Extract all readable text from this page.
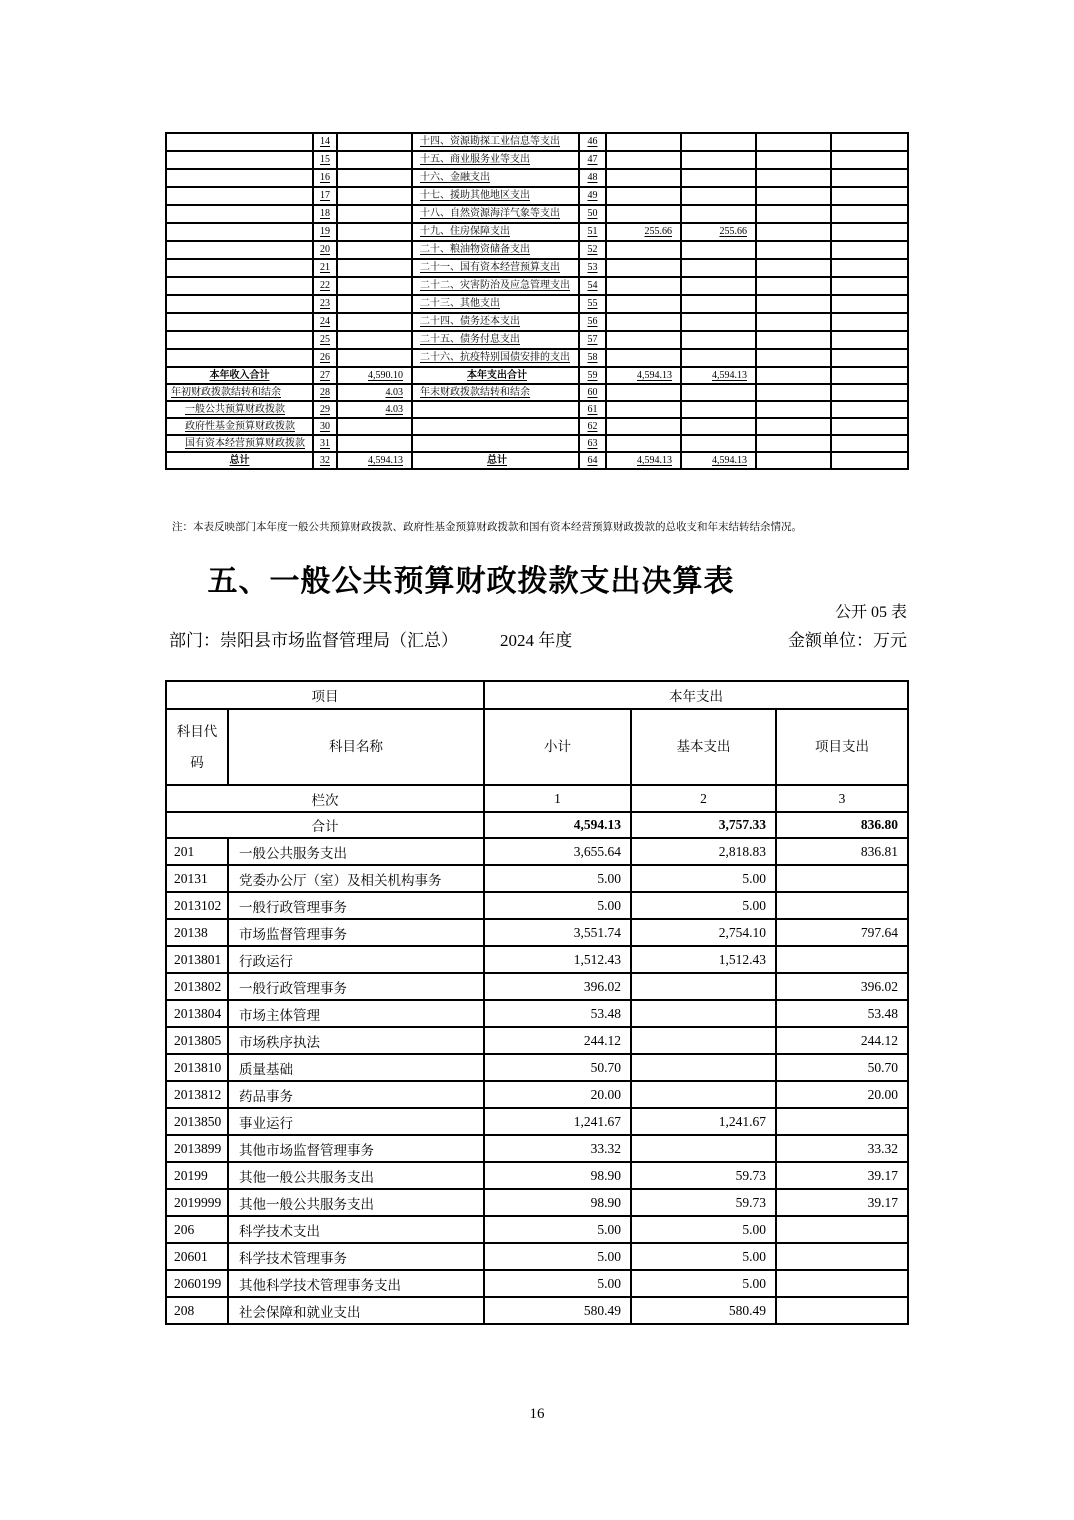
	14		十四、资源勘探工业信息等支出	46				
	15		十五、商业服务业等支出	47				
	16		十六、金融支出	48				
	17		十七、援助其他地区支出	49				
	18		十八、自然资源海洋气象等支出	50				
	19		十九、住房保障支出	51	255.66	255.66		
	20		二十、粮油物资储备支出	52				
	21		二十一、国有资本经营预算支出	53				
	22		二十二、灾害防治及应急管理支出	54				
	23		二十三、其他支出	55				
	24		二十四、债务还本支出	56				
	25		二十五、债务付息支出	57				
	26		二十六、抗疫特别国债安排的支出	58				
本年收入合计	27	4,590.10	本年支出合计	59	4,594.13	4,594.13		
年初财政拨款结转和结余	28	4.03	年末财政拨款结转和结余	60				
一般公共预算财政拨款	29	4.03		61				
政府性基金预算财政拨款	30			62				
国有资本经营预算财政拨款	31			63				
总计	32	4,594.13	总计	64	4,594.13	4,594.13		
注：本表反映部门本年度一般公共预算财政拨款、政府性基金预算财政拨款和国有资本经营预算财政拨款的总收支和年末结转结余情况。
五、一般公共预算财政拨款支出决算表
公开 05 表
部门：崇阳县市场监督管理局（汇总） 2024 年度	金额单位：万元
项目		本年支出		
科目代码	科目名称	小计	基本支出	项目支出
栏次		1	2	3
合计		4,594.13	3,757.33	836.80
201	一般公共服务支出	3,655.64	2,818.83	836.81
20131	党委办公厅（室）及相关机构事务	5.00	5.00	
2013102	一般行政管理事务	5.00	5.00	
20138	市场监督管理事务	3,551.74	2,754.10	797.64
2013801	行政运行	1,512.43	1,512.43	
2013802	一般行政管理事务	396.02		396.02
2013804	市场主体管理	53.48		53.48
2013805	市场秩序执法	244.12		244.12
2013810	质量基础	50.70		50.70
2013812	药品事务	20.00		20.00
2013850	事业运行	1,241.67	1,241.67	
2013899	其他市场监督管理事务	33.32		33.32
20199	其他一般公共服务支出	98.90	59.73	39.17
2019999	其他一般公共服务支出	98.90	59.73	39.17
206	科学技术支出	5.00	5.00	
20601	科学技术管理事务	5.00	5.00	
2060199	其他科学技术管理事务支出	5.00	5.00	
208	社会保障和就业支出	580.49	580.49	
16
